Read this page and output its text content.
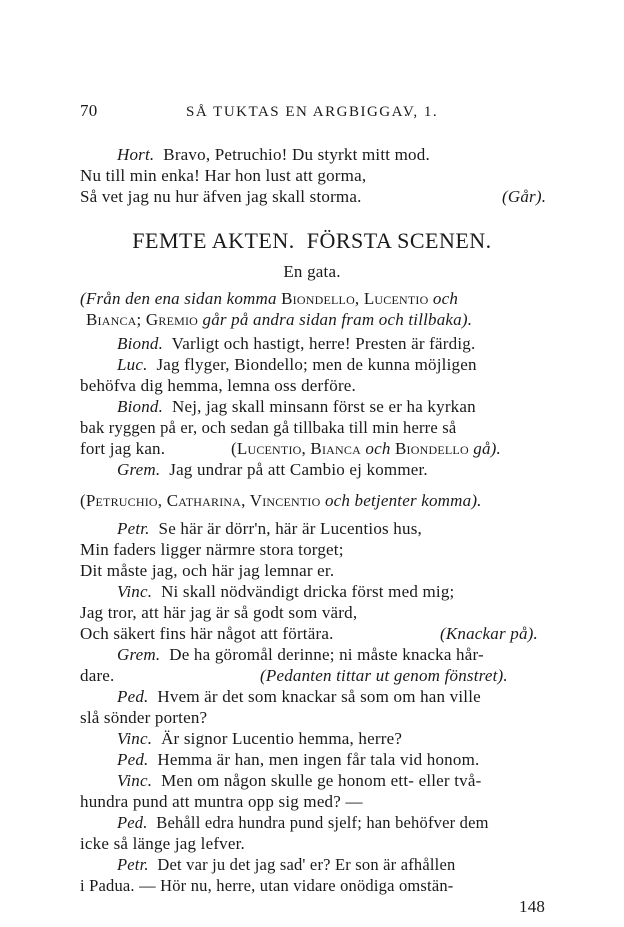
70	SÅ TUKTAS EN ARGBIGGA.
V, 1.
Hort. Bravo, Petruchio! Du styrkt mitt mod.
Nu till min enka! Har hon lust att gorma,
Så vet jag nu hur äfven jag skall storma.	(Går).
FEMTE AKTEN.  FÖRSTA SCENEN.
En gata.
(Från den ena sidan komma Biondello, Lucentio och
Bianca; Gremio går på andra sidan fram och tillbaka).
Biond. Varligt och hastigt, herre! Presten är färdig.
Luc. Jag flyger, Biondello; men de kunna möjligen
behöfva dig hemma, lemna oss derföre.
Biond. Nej, jag skall minsann först se er ha kyrkan
bak ryggen på er, och sedan gå tillbaka till min herre så
fort jag kan.	(Lucentio, Bianca och Biondello gå).
Grem. Jag undrar på att Cambio ej kommer.
(Petruchio, Catharina, Vincentio och betjenter komma).
Petr. Se här är dörr'n, här är Lucentios hus,
Min faders ligger närmre stora torget;
Dit måste jag, och här jag lemnar er.
Vinc. Ni skall nödvändigt dricka först med mig;
Jag tror, att här jag är så godt som värd,
Och säkert fins här något att förtära.	(Knackar på).
Grem. De ha göromål derinne; ni måste knacka hår-
dare.	(Pedanten tittar ut genom fönstret).
Ped. Hvem är det som knackar så som om han ville
slå sönder porten?
Vinc. Är signor Lucentio hemma, herre?
Ped. Hemma är han, men ingen får tala vid honom.
Vinc. Men om någon skulle ge honom ett- eller två-
hundra pund att muntra opp sig med? —
Ped. Behåll edra hundra pund sjelf; han behöfver dem
icke så länge jag lefver.
Petr. Det var ju det jag sad' er? Er son är afhållen
i Padua. — Hör nu, herre, utan vidare onödiga omstän-
148
